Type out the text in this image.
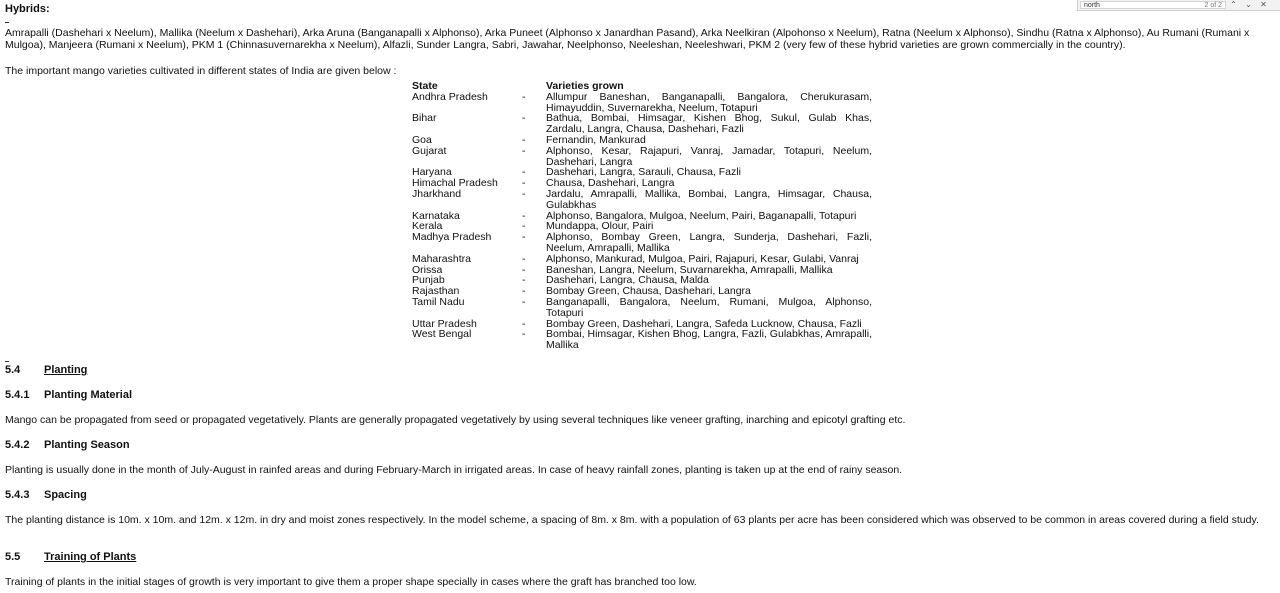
north	2 of 2 ⌃ ⌄ ✕
Hybrids:
Amrapalli (Dashehari x Neelum), Mallika (Neelum x Dashehari), Arka Aruna (Banganapalli x Alphonso), Arka Puneet (Alphonso x Janardhan Pasand), Arka Neelkiran (Alpohonso x Neelum), Ratna (Neelum x Alphonso), Sindhu (Ratna x Alphonso), Au Rumani (Rumani x Mulgoa), Manjeera (Rumani x Neelum), PKM 1 (Chinnasuvernarekha x Neelum), Alfazli, Sunder Langra, Sabri, Jawahar, Neelphonso, Neeleshan, Neeleshwari, PKM 2 (very few of these hybrid varieties are grown commercially in the country).
The important mango varieties cultivated in different states of India are given below :
State	Varieties grown
Andhra Pradesh	-	Allumpur Baneshan, Banganapalli, Bangalora, Cherukurasam, Himayuddin, Suvernarekha, Neelum, Totapuri
Bihar	-	Bathua, Bombai, Himsagar, Kishen Bhog, Sukul, Gulab Khas, Zardalu, Langra, Chausa, Dashehari, Fazli
Goa	-	Fernandin, Mankurad
Gujarat	-	Alphonso, Kesar, Rajapuri, Vanraj, Jamadar, Totapuri, Neelum, Dashehari, Langra
Haryana	-	Dashehari, Langra, Sarauli, Chausa, Fazli
Himachal Pradesh	-	Chausa, Dashehari, Langra
Jharkhand	-	Jardalu, Amrapalli, Mallika, Bombai, Langra, Himsagar, Chausa, Gulabkhas
Karnataka	-	Alphonso, Bangalora, Mulgoa, Neelum, Pairi, Baganapalli, Totapuri
Kerala	-	Mundappa, Olour, Pairi
Madhya Pradesh	-	Alphonso, Bombay Green, Langra, Sunderja, Dashehari, Fazli, Neelum, Amrapalli, Mallika
Maharashtra	-	Alphonso, Mankurad, Mulgoa, Pairi, Rajapuri, Kesar, Gulabi, Vanraj
Orissa	-	Baneshan, Langra, Neelum, Suvarnarekha, Amrapalli, Mallika
Punjab	-	Dashehari, Langra, Chausa, Malda
Rajasthan	-	Bombay Green, Chausa, Dashehari, Langra
Tamil Nadu	-	Banganapalli, Bangalora, Neelum, Rumani, Mulgoa, Alphonso, Totapuri
Uttar Pradesh	-	Bombay Green, Dashehari, Langra, Safeda Lucknow, Chausa, Fazli
West Bengal	-	Bombai, Himsagar, Kishen Bhog, Langra, Fazli, Gulabkhas, Amrapalli, Mallika
5.4 Planting
5.4.1 Planting Material
Mango can be propagated from seed or propagated vegetatively. Plants are generally propagated vegetatively by using several techniques like veneer grafting, inarching and epicotyl grafting etc.
5.4.2 Planting Season
Planting is usually done in the month of July-August in rainfed areas and during February-March in irrigated areas. In case of heavy rainfall zones, planting is taken up at the end of rainy season.
5.4.3 Spacing
The planting distance is 10m. x 10m. and 12m. x 12m. in dry and moist zones respectively. In the model scheme, a spacing of 8m. x 8m. with a population of 63 plants per acre has been considered which was observed to be common in areas covered during a field study.
5.5 Training of Plants
Training of plants in the initial stages of growth is very important to give them a proper shape specially in cases where the graft has branched too low.
